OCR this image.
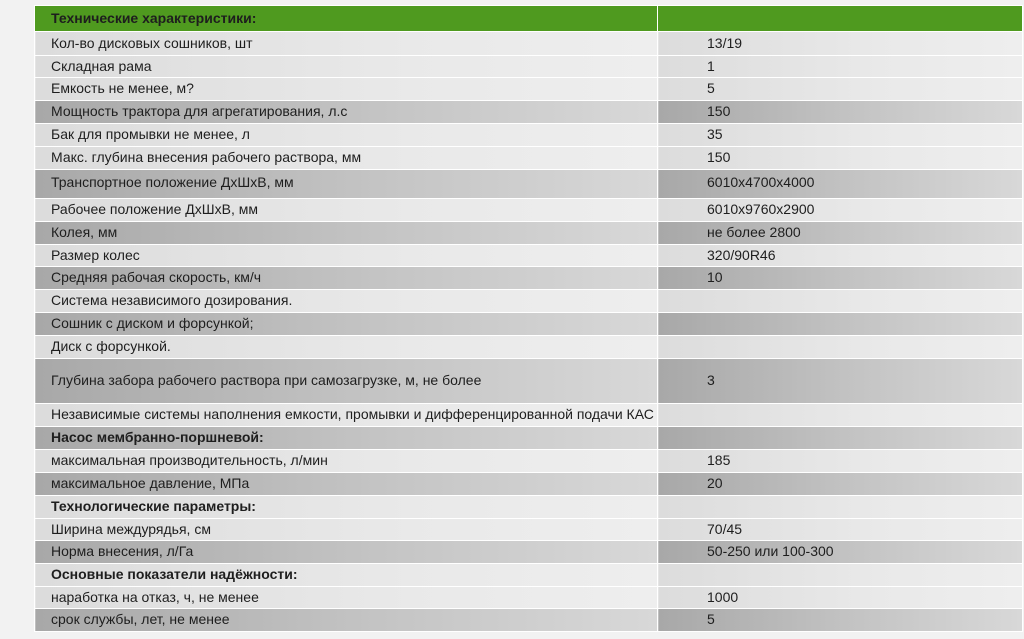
Технические характеристики:	
Кол-во дисковых сошников, шт	13/19
Складная рама	1
Емкость не менее, м?	5
Мощность трактора для агрегатирования, л.с	150
Бак для промывки не менее, л	35
Макс. глубина внесения рабочего раствора, мм	150
Транспортное положение ДхШхВ, мм	6010х4700х4000
Рабочее положение ДхШхВ, мм	6010х9760х2900
Колея, мм	не более 2800
Размер колес	320/90R46
Средняя рабочая скорость, км/ч	10
Система независимого дозирования.	
Сошник с диском и форсункой;	
Диск с форсункой.	
Глубина забора рабочего раствора при самозагрузке, м, не более	3
Независимые системы наполнения емкости, промывки и дифференцированной подачи КАС	
Насос мембранно-поршневой:	
максимальная производительность, л/мин	185
максимальное давление, МПа	20
Технологические параметры:	
Ширина междурядья, см	70/45
Норма внесения, л/Га	50-250 или 100-300
Основные показатели надёжности:	
наработка на отказ, ч, не менее	1000
срок службы, лет, не менее	5
